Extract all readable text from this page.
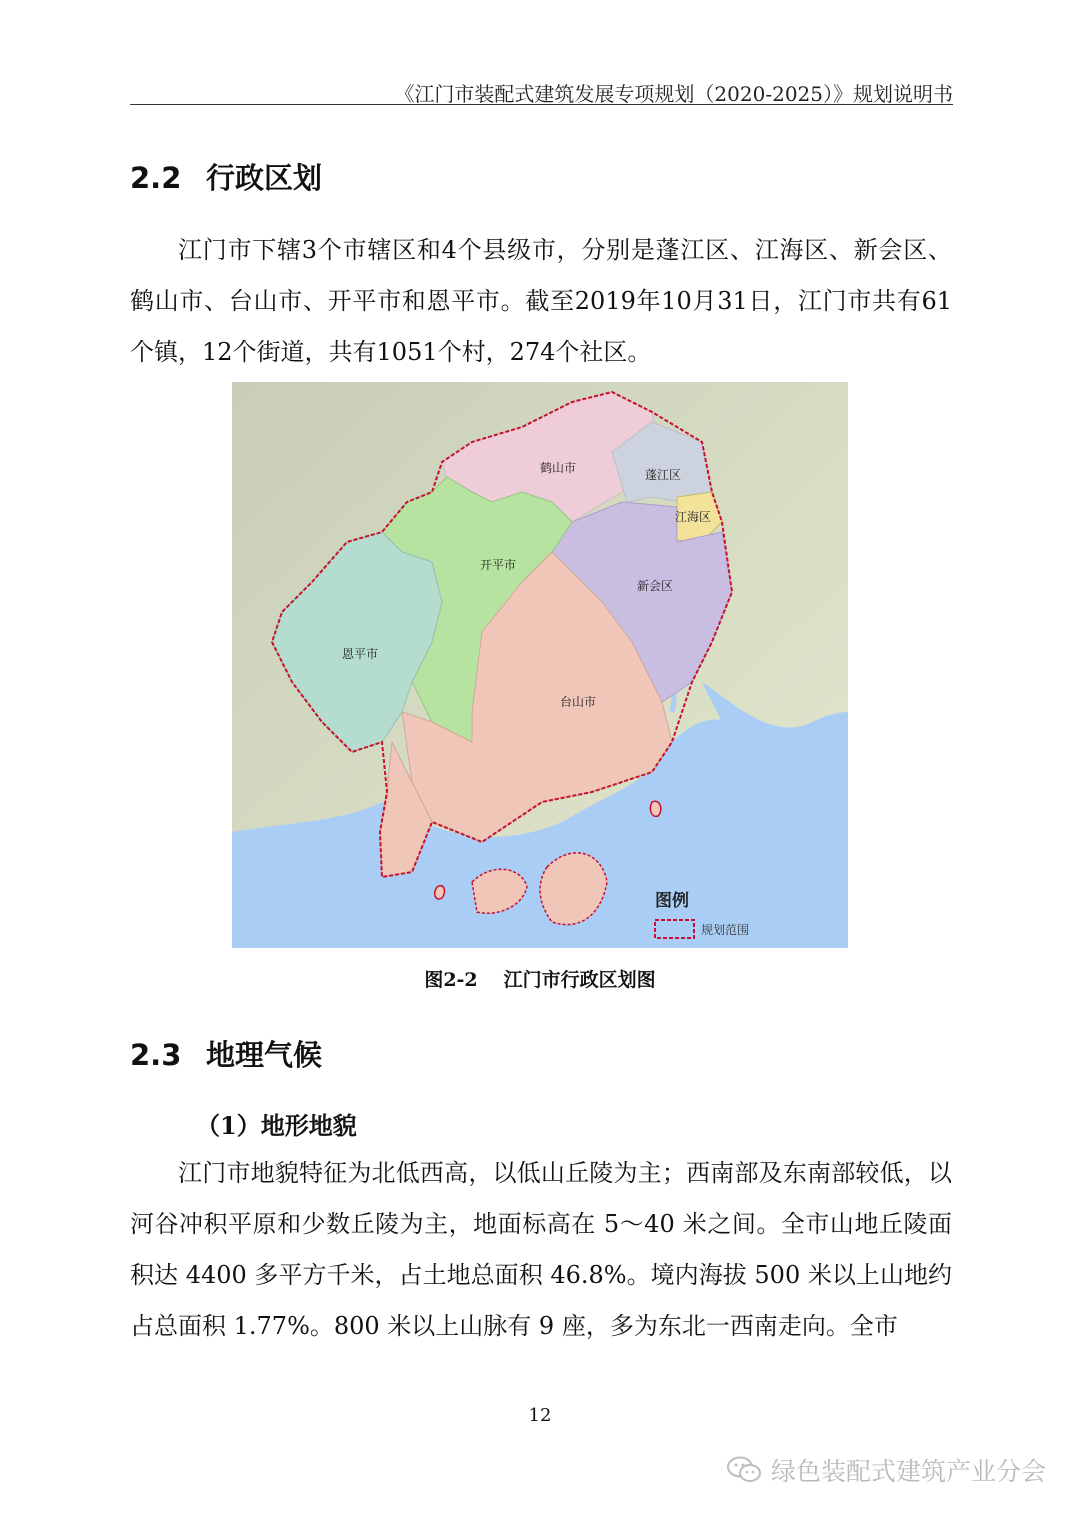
《江门市装配式建筑发展专项规划（2020-2025）》规划说明书
2.2 行政区划

江门市下辖3个市辖区和4个县级市，分别是蓬江区、江海区、新会区、鹤山市、台山市、开平市和恩平市。截至2019年10月31日，江门市共有61个镇，12个街道，共有1051个村，274个社区。

鹤山市	蓬江区
江海区
开平市
新会区
恩平市
台山市
图例
规划范围
图2-2 江门市行政区划图
2.3 地理气候
（1）地形地貌

江门市地貌特征为北低西高，以低山丘陵为主；西南部及东南部较低，以河谷冲积平原和少数丘陵为主，地面标高在 5～40 米之间。全市山地丘陵面积达 4400 多平方千米，占土地总面积 46.8%。境内海拔 500 米以上山地约占总面积 1.77%。800 米以上山脉有 9 座，多为东北一西南走向。全市

12
绿色装配式建筑产业分会
